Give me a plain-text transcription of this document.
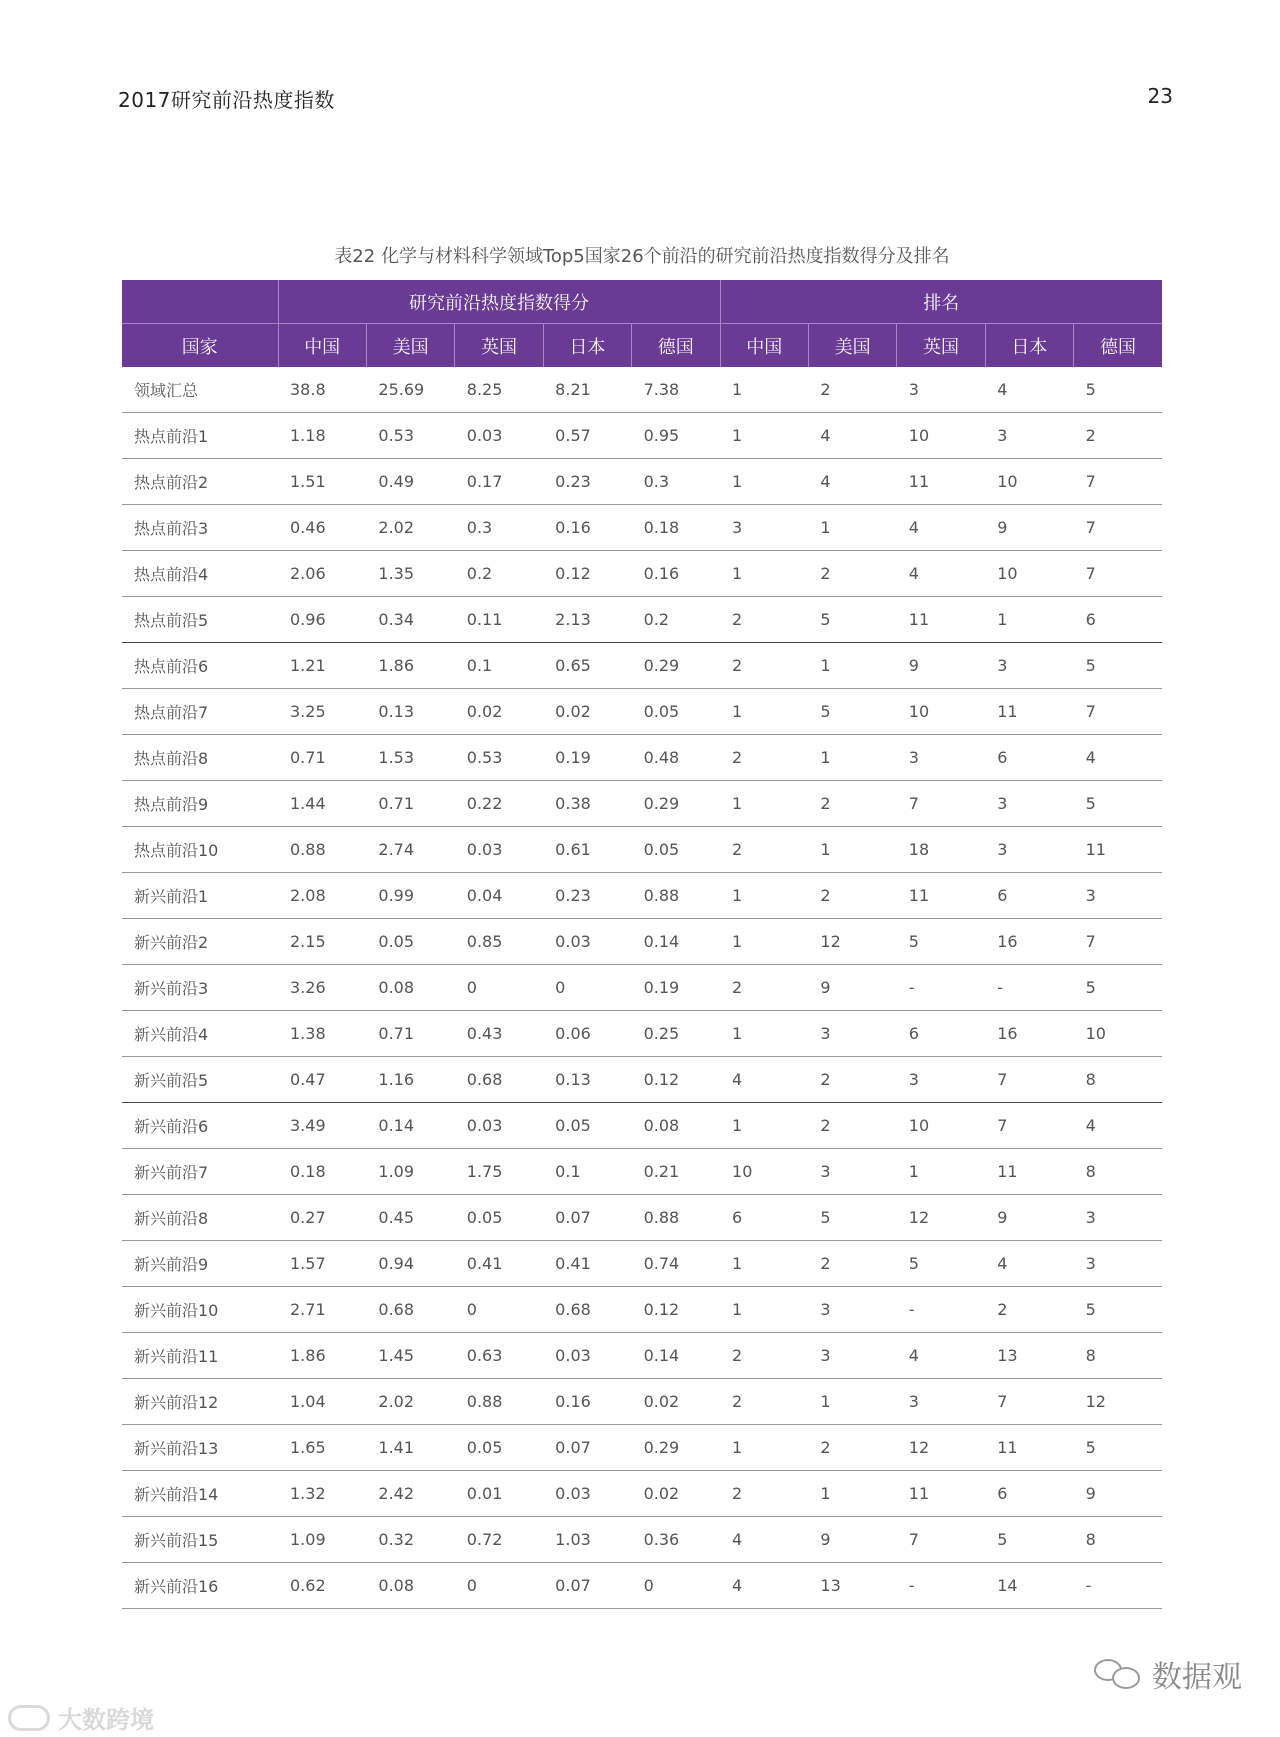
2017研究前沿热度指数	23
表22 化学与材料科学领域Top5国家26个前沿的研究前沿热度指数得分及排名
	研究前沿热度指数得分					排名				
国家	中国	美国	英国	日本	德国	中国	美国	英国	日本	德国
领域汇总	38.8	25.69	8.25	8.21	7.38	1	2	3	4	5
热点前沿1	1.18	0.53	0.03	0.57	0.95	1	4	10	3	2
热点前沿2	1.51	0.49	0.17	0.23	0.3	1	4	11	10	7
热点前沿3	0.46	2.02	0.3	0.16	0.18	3	1	4	9	7
热点前沿4	2.06	1.35	0.2	0.12	0.16	1	2	4	10	7
热点前沿5	0.96	0.34	0.11	2.13	0.2	2	5	11	1	6
热点前沿6	1.21	1.86	0.1	0.65	0.29	2	1	9	3	5
热点前沿7	3.25	0.13	0.02	0.02	0.05	1	5	10	11	7
热点前沿8	0.71	1.53	0.53	0.19	0.48	2	1	3	6	4
热点前沿9	1.44	0.71	0.22	0.38	0.29	1	2	7	3	5
热点前沿10	0.88	2.74	0.03	0.61	0.05	2	1	18	3	11
新兴前沿1	2.08	0.99	0.04	0.23	0.88	1	2	11	6	3
新兴前沿2	2.15	0.05	0.85	0.03	0.14	1	12	5	16	7
新兴前沿3	3.26	0.08	0	0	0.19	2	9	-	-	5
新兴前沿4	1.38	0.71	0.43	0.06	0.25	1	3	6	16	10
新兴前沿5	0.47	1.16	0.68	0.13	0.12	4	2	3	7	8
新兴前沿6	3.49	0.14	0.03	0.05	0.08	1	2	10	7	4
新兴前沿7	0.18	1.09	1.75	0.1	0.21	10	3	1	11	8
新兴前沿8	0.27	0.45	0.05	0.07	0.88	6	5	12	9	3
新兴前沿9	1.57	0.94	0.41	0.41	0.74	1	2	5	4	3
新兴前沿10	2.71	0.68	0	0.68	0.12	1	3	-	2	5
新兴前沿11	1.86	1.45	0.63	0.03	0.14	2	3	4	13	8
新兴前沿12	1.04	2.02	0.88	0.16	0.02	2	1	3	7	12
新兴前沿13	1.65	1.41	0.05	0.07	0.29	1	2	12	11	5
新兴前沿14	1.32	2.42	0.01	0.03	0.02	2	1	11	6	9
新兴前沿15	1.09	0.32	0.72	1.03	0.36	4	9	7	5	8
新兴前沿16	0.62	0.08	0	0.07	0	4	13	-	14	-
大数跨境
数据观
